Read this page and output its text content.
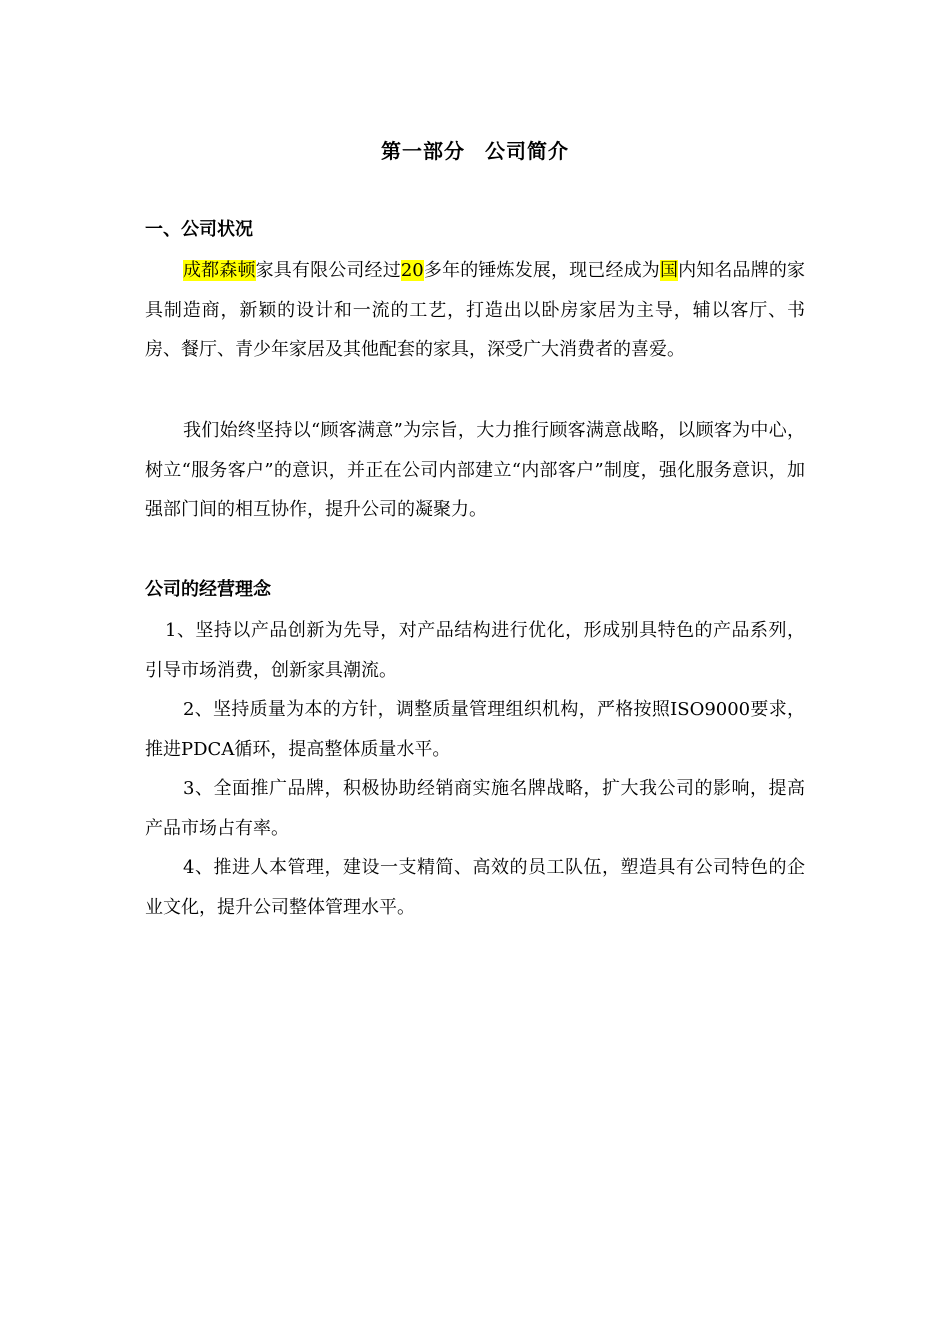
第一部分 公司简介
一、公司状况

成都森顿家具有限公司经过20多年的锤炼发展，现已经成为国内知名品牌的家具制造商，新颖的设计和一流的工艺，打造出以卧房家居为主导，辅以客厅、书房、餐厅、青少年家居及其他配套的家具，深受广大消费者的喜爱。

我们始终坚持以“顾客满意”为宗旨，大力推行顾客满意战略，以顾客为中心，树立“服务客户”的意识，并正在公司内部建立“内部客户”制度，强化服务意识，加强部门间的相互协作，提升公司的凝聚力。

公司的经营理念

1、坚持以产品创新为先导，对产品结构进行优化，形成别具特色的产品系列，引导市场消费，创新家具潮流。

2、坚持质量为本的方针，调整质量管理组织机构，严格按照ISO9000要求，推进PDCA循环，提高整体质量水平。

3、全面推广品牌，积极协助经销商实施名牌战略，扩大我公司的影响，提高产品市场占有率。

4、推进人本管理，建设一支精简、高效的员工队伍，塑造具有公司特色的企业文化，提升公司整体管理水平。
